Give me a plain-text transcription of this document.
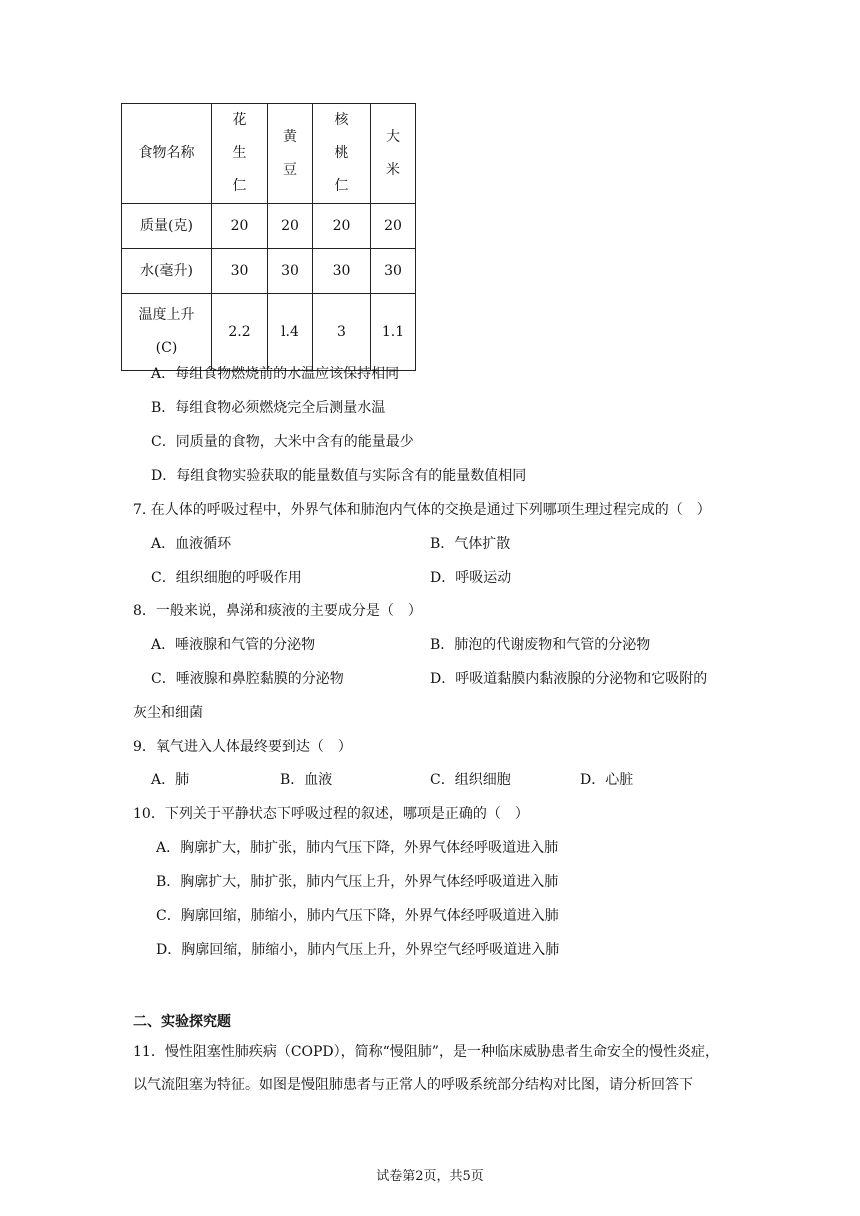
食物名称	花生仁	黄豆	核桃仁	大米
质量(克)	20	20	20	20
水(毫升)	30	30	30	30
温度上升(C)	2.2	l.4	3	1.1
A．每组食物燃烧前的水温应该保持相同
B．每组食物必须燃烧完全后测量水温
C．同质量的食物，大米中含有的能量最少
D．每组食物实验获取的能量数值与实际含有的能量数值相同
7. 在人体的呼吸过程中，外界气体和肺泡内气体的交换是通过下列哪项生理过程完成的（　）
A．血液循环	B．气体扩散
C．组织细胞的呼吸作用	D．呼吸运动
8．一般来说，鼻涕和痰液的主要成分是（　）
A．唾液腺和气管的分泌物	B．肺泡的代谢废物和气管的分泌物
C．唾液腺和鼻腔黏膜的分泌物	D．呼吸道黏膜内黏液腺的分泌物和它吸附的
灰尘和细菌
9．氧气进入人体最终要到达（　）
A．肺	B．血液	C．组织细胞	D．心脏
10．下列关于平静状态下呼吸过程的叙述，哪项是正确的（　）
A．胸廓扩大，肺扩张，肺内气压下降，外界气体经呼吸道进入肺
B．胸廓扩大，肺扩张，肺内气压上升，外界气体经呼吸道进入肺
C．胸廓回缩，肺缩小，肺内气压下降，外界气体经呼吸道进入肺
D．胸廓回缩，肺缩小，肺内气压上升，外界空气经呼吸道进入肺
二、实验探究题
11．慢性阻塞性肺疾病（COPD），简称“慢阻肺”，是一种临床威胁患者生命安全的慢性炎症，
以气流阻塞为特征。如图是慢阻肺患者与正常人的呼吸系统部分结构对比图，请分析回答下
试卷第2页，共5页
